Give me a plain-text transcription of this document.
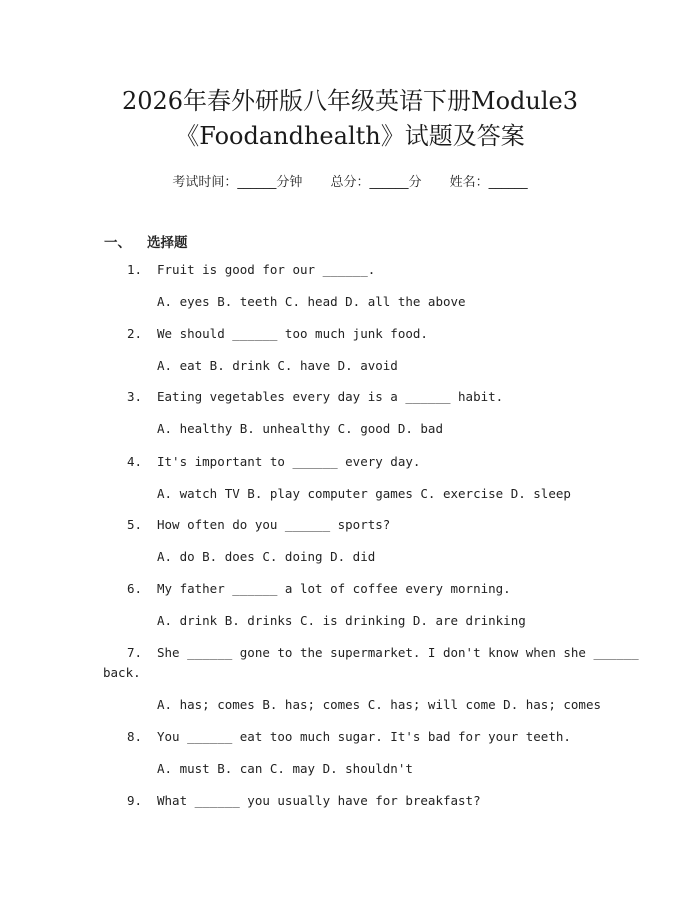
2026年春外研版八年级英语下册Module3
《Foodandhealth》试题及答案
考试时间：______分钟 总分：______分 姓名：______
一、 选择题
1. Fruit is good for our ______.
A. eyes B. teeth C. head D. all the above
2. We should ______ too much junk food.
A. eat B. drink C. have D. avoid
3. Eating vegetables every day is a ______ habit.
A. healthy B. unhealthy C. good D. bad
4. It's important to ______ every day.
A. watch TV B. play computer games C. exercise D. sleep
5. How often do you ______ sports?
A. do B. does C. doing D. did
6. My father ______ a lot of coffee every morning.
A. drink B. drinks C. is drinking D. are drinking
7. She ______ gone to the supermarket. I don't know when she ______
back.
A. has; comes B. has; comes C. has; will come D. has; comes
8. You ______ eat too much sugar. It's bad for your teeth.
A. must B. can C. may D. shouldn't
9. What ______ you usually have for breakfast?
